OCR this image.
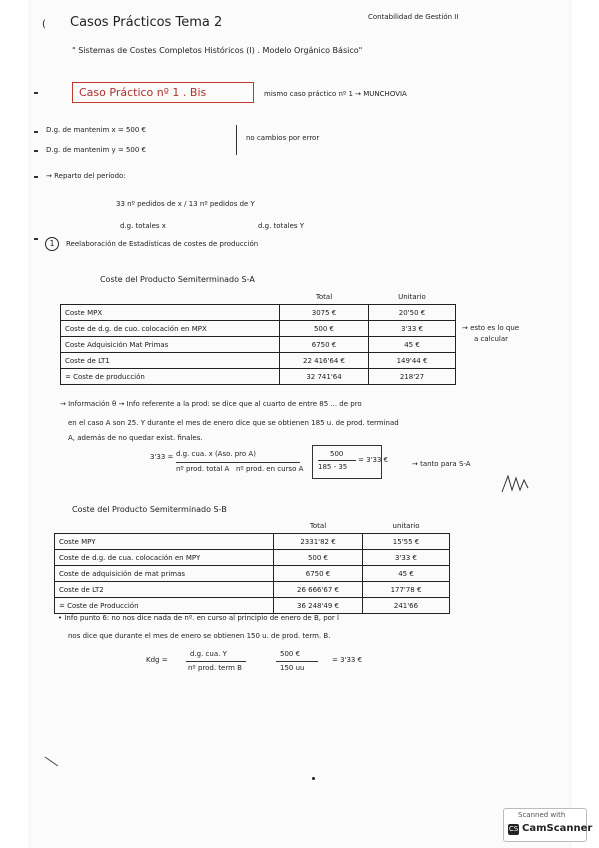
( Casos Prácticos Tema 2	Contabilidad de Gestión II
" Sistemas de Costes Completos Históricos (I) . Modelo Orgánico Básico"
Caso Práctico nº 1 . Bis	mismo caso práctico nº 1 → MUNCHOVIA
D.g. de mantenim x = 500 €
D.g. de mantenim y = 500 €
no cambios por error
→ Reparto del período:
33 nº pedidos de x / 13 nº pedidos de Y
d.g. totales x	d.g. totales Y
1	Reelaboración de Estadísticas de costes de producción
Coste del Producto Semiterminado S-A
	Total	Unitario
Coste MPX	3075 €	20'50 €
Coste de d.g. de cuo. colocación en MPX	500 €	3'33 €
Coste Adquisición Mat Primas	6750 €	45 €
Coste de LT1	22 416'64 €	149'44 €
= Coste de producción	32 741'64	218'27
→ esto es lo que
a calcular
→ Información θ → Info referente a la prod: se dice que al cuarto de entre 85 ... de pro
en el caso A son 25. Y durante el mes de enero dice que se obtienen 185 u. de prod. terminad
A, además de no quedar exist. finales.
3'33 = d.g. cua. x (Aso. pro A)
nº prod. total A nº prod. en curso A
500
185 - 35
= 3'33 €	→ tanto para S-A
Coste del Producto Semiterminado S-B
	Total	unitario
Coste MPY	2331'82 €	15'55 €
Coste de d.g. de cua. colocación en MPY	500 €	3'33 €
Coste de adquisición de mat primas	6750 €	45 €
Coste de LT2	26 666'67 €	177'78 €
= Coste de Producción	36 248'49 €	241'66
• Info punto 6: no nos dice nada de nº. en curso al principio de enero de B, por l
nos dice que durante el mes de enero se obtienen 150 u. de prod. term. B.
Kdg =
d.g. cua. Y
nº prod. term B
500 €
150 uu
= 3'33 €
Scanned with
CS CamScanner
